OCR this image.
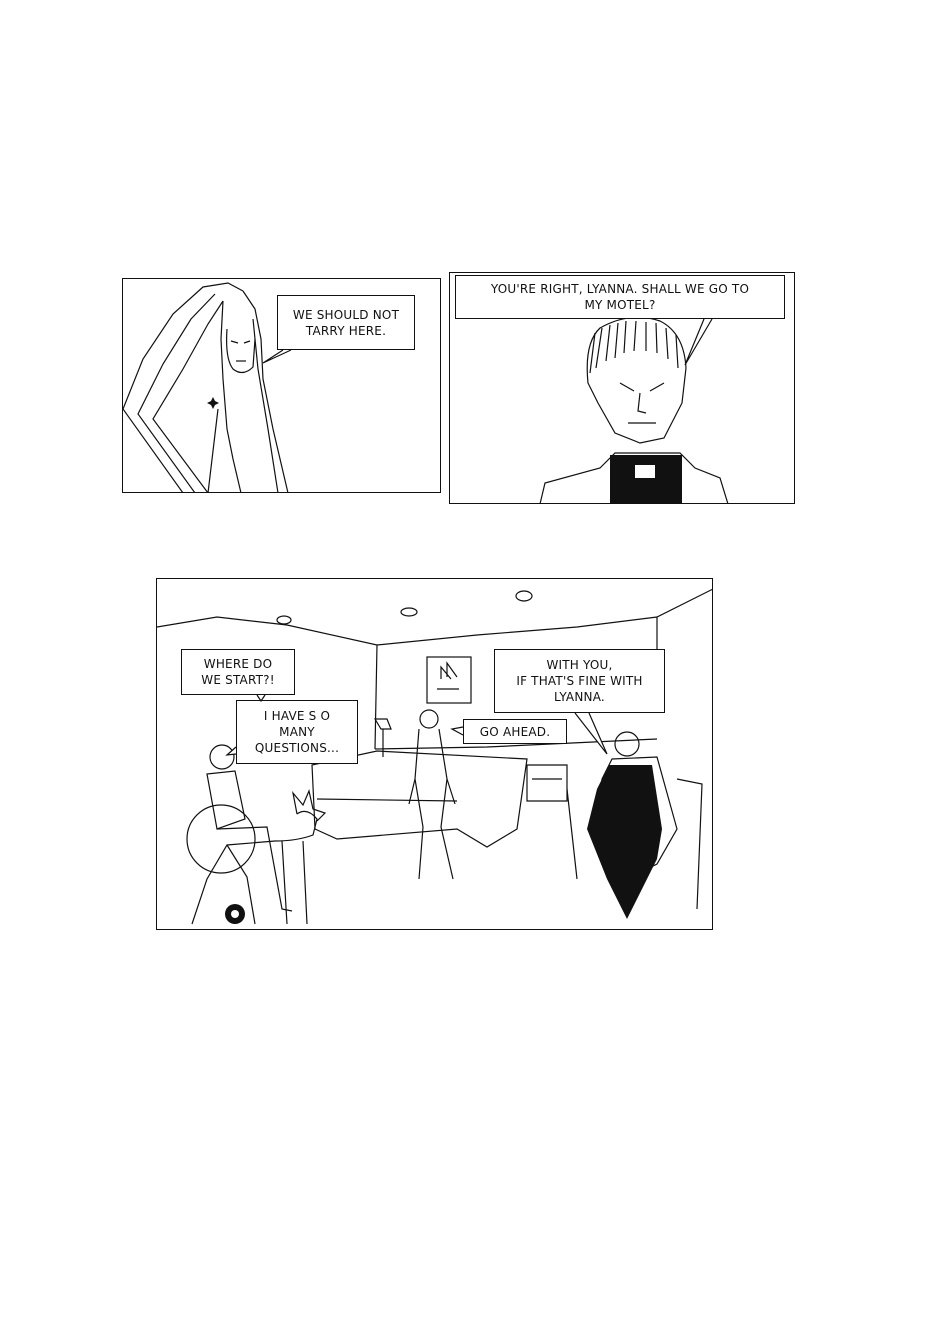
WE SHOULD NOT
TARRY HERE.
YOU'RE RIGHT, LYANNA. SHALL WE GO TO
MY MOTEL?
WHERE DO
WE START?!
I HAVE S O
MANY
QUESTIONS...
GO AHEAD.
WITH YOU,
IF THAT'S FINE WITH
LYANNA.
